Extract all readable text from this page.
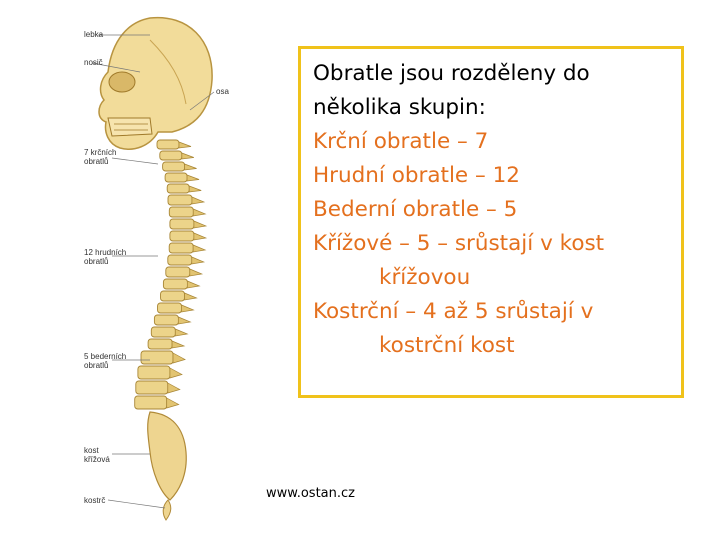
lebka
nosič
osa
7 krčních
obratlů
12 hrudních
obratlů
5 bederních
obratlů
kost
křížová
kostrč
Obratle jsou rozděleny do
několika skupin:
Krční obratle – 7
Hrudní obratle – 12
Bederní obratle – 5
Křížové – 5 – srůstají v kost
křížovou
Kostrční – 4 až 5 srůstají v
kostrční kost
www.ostan.cz
